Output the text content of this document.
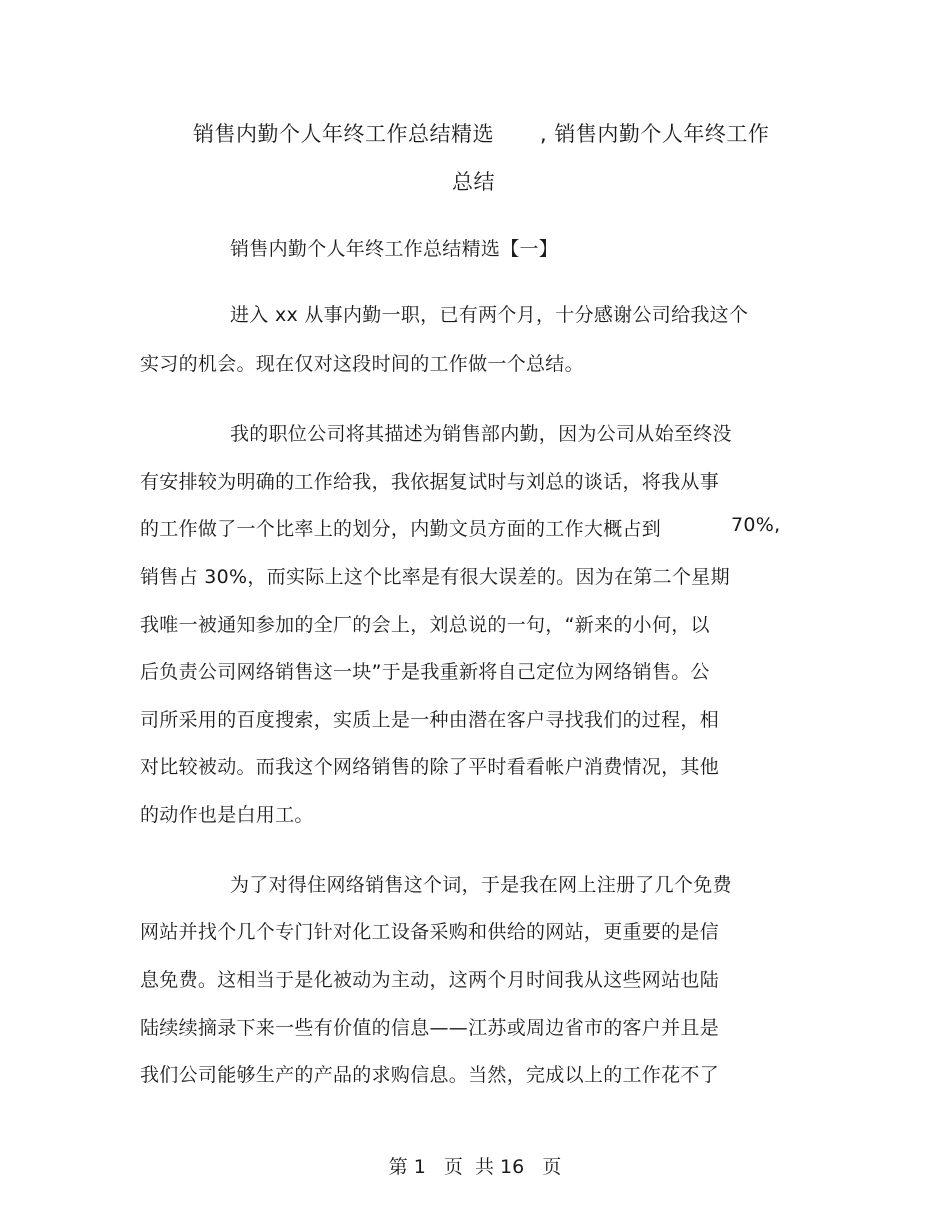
销售内勤个人年终工作总结精选 , 销售内勤个人年终工作
总结
销售内勤个人年终工作总结精选【一】
进入 xx 从事内勤一职，已有两个月，十分感谢公司给我这个
实习的机会。现在仅对这段时间的工作做一个总结。
我的职位公司将其描述为销售部内勤，因为公司从始至终没
有安排较为明确的工作给我，我依据复试时与刘总的谈话，将我从事
的工作做了一个比率上的划分，内勤文员方面的工作大概占到	70%,
销售占 30%，而实际上这个比率是有很大误差的。因为在第二个星期
我唯一被通知参加的全厂的会上，刘总说的一句，“新来的小何，以
后负责公司网络销售这一块”于是我重新将自己定位为网络销售。公
司所采用的百度搜索，实质上是一种由潜在客户寻找我们的过程，相
对比较被动。而我这个网络销售的除了平时看看帐户消费情况，其他
的动作也是白用工。
为了对得住网络销售这个词，于是我在网上注册了几个免费
网站并找个几个专门针对化工设备采购和供给的网站，更重要的是信
息免费。这相当于是化被动为主动，这两个月时间我从这些网站也陆
陆续续摘录下来一些有价值的信息——江苏或周边省市的客户并且是
我们公司能够生产的产品的求购信息。当然，完成以上的工作花不了
第 1   页  共 16   页
